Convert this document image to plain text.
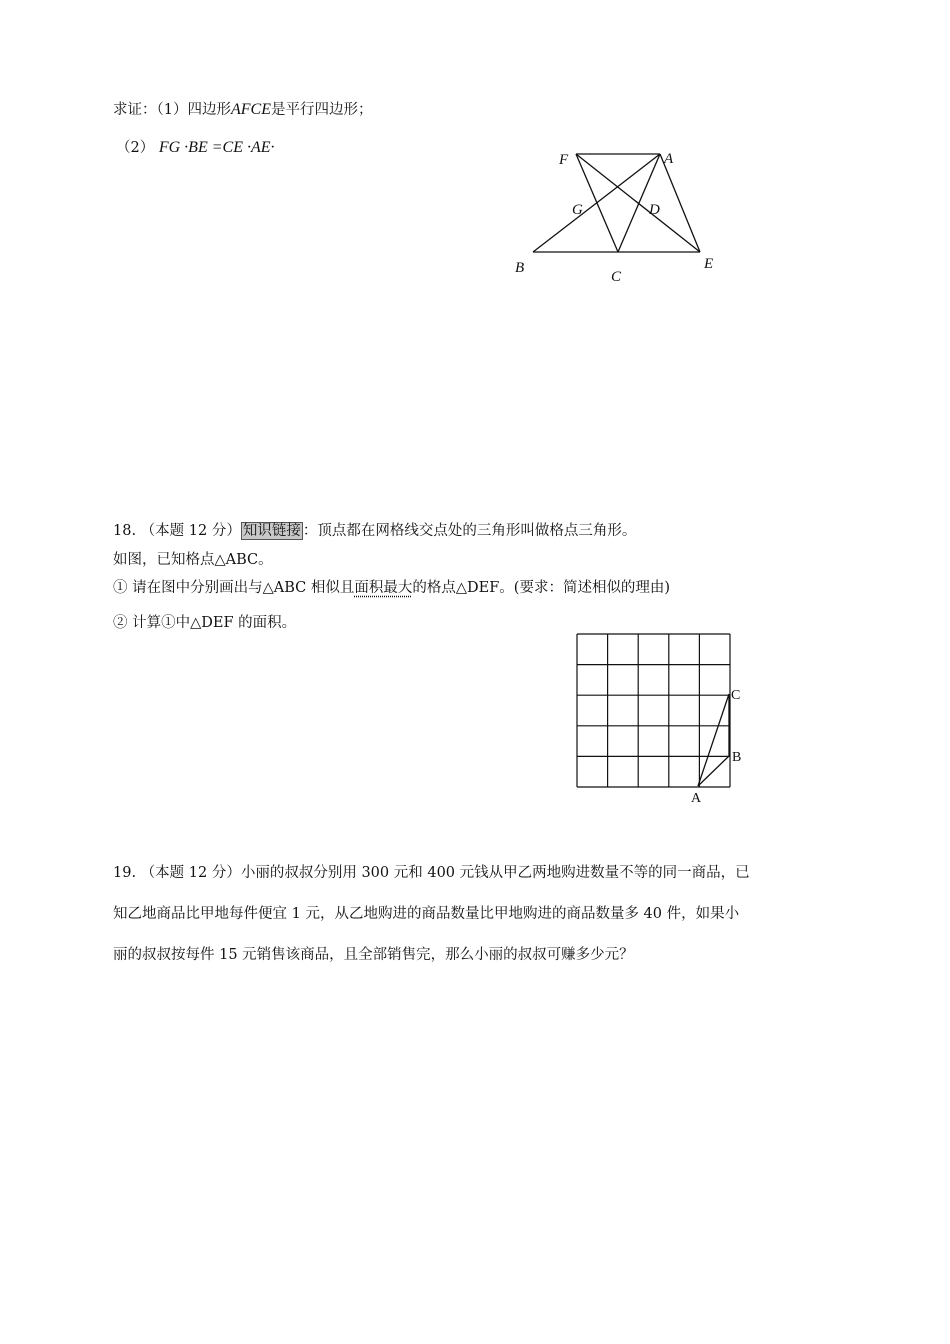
求证：（1）四边形AFCE是平行四边形；
（2） FG ·BE =CE ·AE·
F	A
G	D
B
C
E
18. （本题 12 分） 知识链接 ：顶点都在网格线交点处的三角形叫做格点三角形。
如图，已知格点△ABC。
① 请在图中分别画出与△ABC 相似且面积最大的格点△DEF。(要求：简述相似的理由)
② 计算①中△DEF 的面积。
C
B
A
19. （本题 12 分）小丽的叔叔分别用 300 元和 400 元钱从甲乙两地购进数量不等的同一商品，已
知乙地商品比甲地每件便宜 1 元，从乙地购进的商品数量比甲地购进的商品数量多 40 件，如果小
丽的叔叔按每件 15 元销售该商品，且全部销售完，那么小丽的叔叔可赚多少元？
